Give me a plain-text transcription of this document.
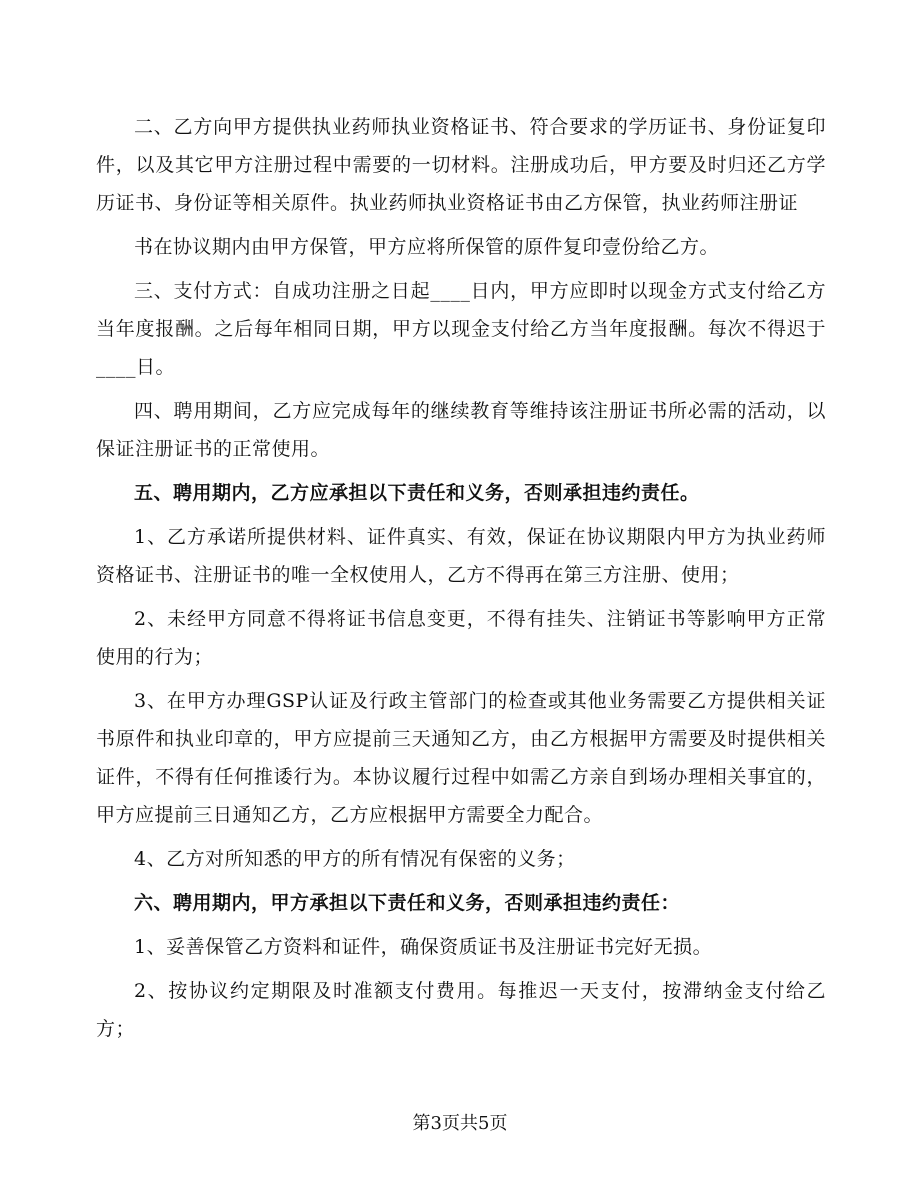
二、乙方向甲方提供执业药师执业资格证书、符合要求的学历证书、身份证复印件，以及其它甲方注册过程中需要的一切材料。注册成功后，甲方要及时归还乙方学历证书、身份证等相关原件。执业药师执业资格证书由乙方保管，执业药师注册证

书在协议期内由甲方保管，甲方应将所保管的原件复印壹份给乙方。

三、支付方式：自成功注册之日起____日内，甲方应即时以现金方式支付给乙方当年度报酬。之后每年相同日期，甲方以现金支付给乙方当年度报酬。每次不得迟于____日。

四、聘用期间，乙方应完成每年的继续教育等维持该注册证书所必需的活动，以保证注册证书的正常使用。

五、聘用期内，乙方应承担以下责任和义务，否则承担违约责任。

1、乙方承诺所提供材料、证件真实、有效，保证在协议期限内甲方为执业药师资格证书、注册证书的唯一全权使用人，乙方不得再在第三方注册、使用；

2、未经甲方同意不得将证书信息变更，不得有挂失、注销证书等影响甲方正常使用的行为；

3、在甲方办理GSP认证及行政主管部门的检查或其他业务需要乙方提供相关证书原件和执业印章的，甲方应提前三天通知乙方，由乙方根据甲方需要及时提供相关证件，不得有任何推诿行为。本协议履行过程中如需乙方亲自到场办理相关事宜的，甲方应提前三日通知乙方，乙方应根据甲方需要全力配合。

4、乙方对所知悉的甲方的所有情况有保密的义务；

六、聘用期内，甲方承担以下责任和义务，否则承担违约责任：

1、妥善保管乙方资料和证件，确保资质证书及注册证书完好无损。

2、按协议约定期限及时准额支付费用。每推迟一天支付，按滞纳金支付给乙方；

第3页共5页
